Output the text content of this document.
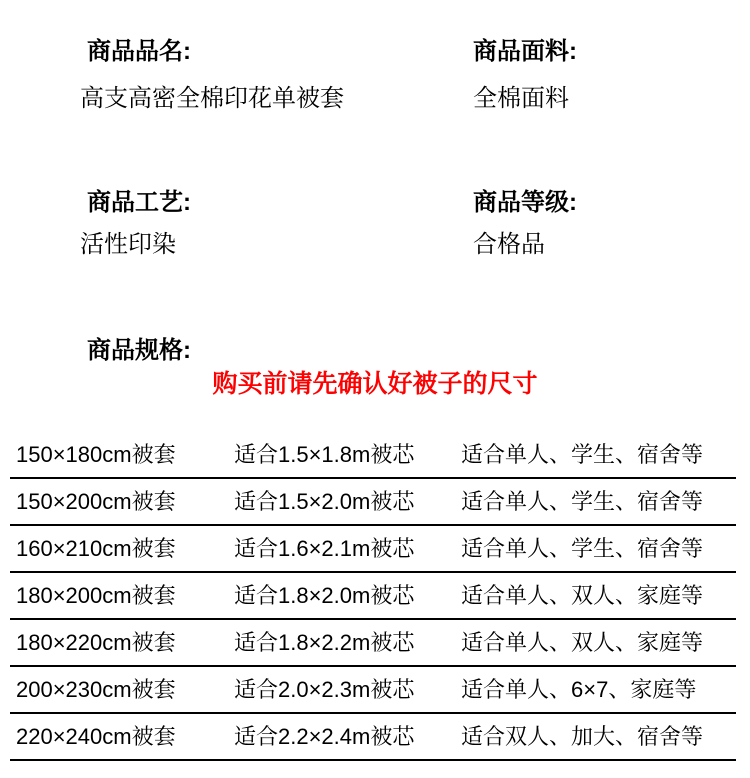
商品品名:
高支高密全棉印花单被套
商品面料:
全棉面料
商品工艺:
活性印染
商品等级:
合格品
商品规格:
购买前请先确认好被子的尺寸
150×180cm被套	适合1.5×1.8m被芯	适合单人、学生、宿舍等
150×200cm被套	适合1.5×2.0m被芯	适合单人、学生、宿舍等
160×210cm被套	适合1.6×2.1m被芯	适合单人、学生、宿舍等
180×200cm被套	适合1.8×2.0m被芯	适合单人、双人、家庭等
180×220cm被套	适合1.8×2.2m被芯	适合单人、双人、家庭等
200×230cm被套	适合2.0×2.3m被芯	适合单人、6×7、家庭等
220×240cm被套	适合2.2×2.4m被芯	适合双人、加大、宿舍等
